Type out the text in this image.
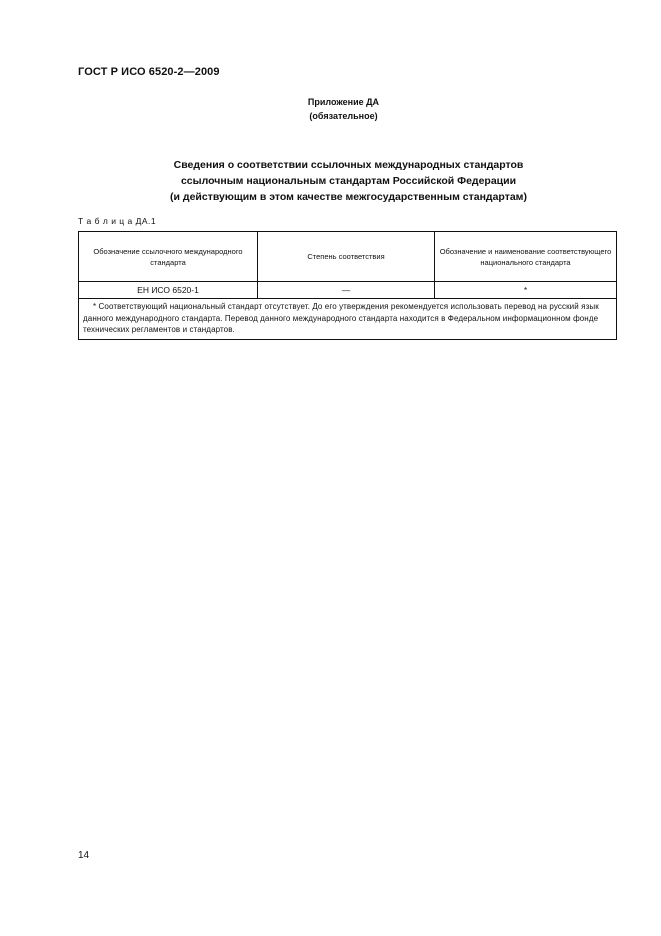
ГОСТ Р ИСО 6520-2—2009
Приложение ДА
(обязательное)
Сведения о соответствии ссылочных международных стандартов
ссылочным национальным стандартам Российской Федерации
(и действующим в этом качестве межгосударственным стандартам)
Т а б л и ц а ДА.1
Обозначение ссылочного международного стандарта	Степень соответствия	Обозначение и наименование соответствующего национального стандарта
ЕН ИСО 6520-1	—	*
* Соответствующий национальный стандарт отсутствует. До его утверждения рекомендуется использовать перевод на русский язык данного международного стандарта. Перевод данного международного стандарта находится в Федеральном информационном фонде технических регламентов и стандартов.		
14
